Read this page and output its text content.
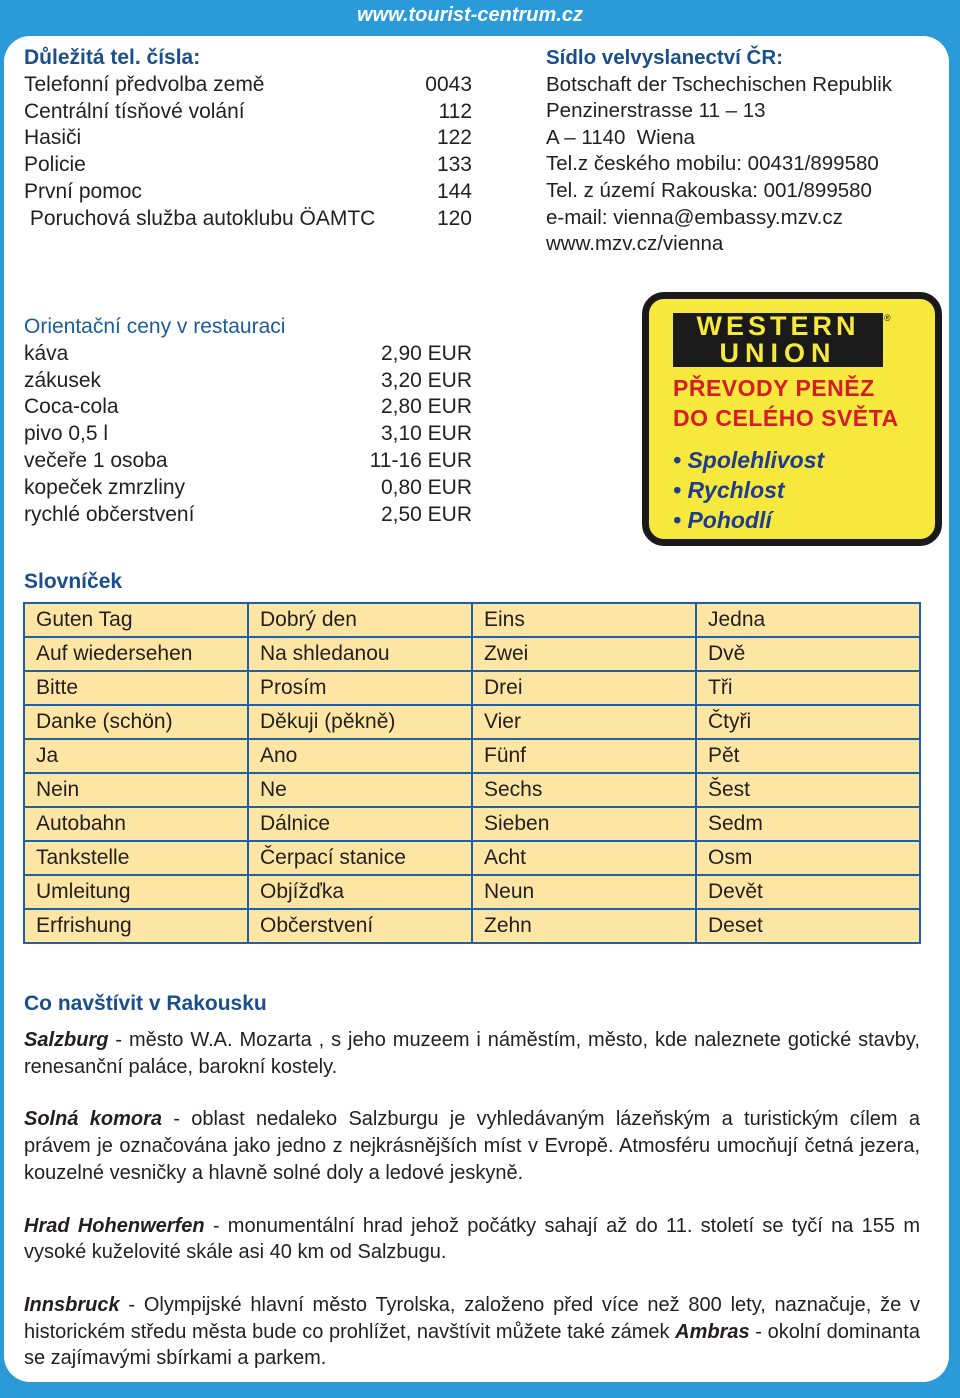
www.tourist-centrum.cz
Důležitá tel. čísla:
Telefonní předvolba země	0043
Centrální tísňové volání	112
Hasiči	122
Policie	133
První pomoc	144
Poruchová služba autoklubu ÖAMTC	120
Sídlo velvyslanectví ČR:
Botschaft der Tschechischen Republik
Penzinerstrasse 11 – 13
A – 1140  Wiena
Tel.z českého mobilu: 00431/899580
Tel. z území Rakouska: 001/899580
e-mail: vienna@embassy.mzv.cz
www.mzv.cz/vienna
Orientační ceny v restauraci
káva	2,90 EUR
zákusek	3,20 EUR
Coca-cola	2,80 EUR
pivo 0,5 l	3,10 EUR
večeře 1 osoba	11-16 EUR
kopeček zmrzliny	0,80 EUR
rychlé občerstvení	2,50 EUR
WESTERN
UNION
®
PŘEVODY PENĚZ
DO CELÉHO SVĚTA
• Spolehlivost
• Rychlost
• Pohodlí
Slovníček
Guten Tag	Dobrý den	Eins	Jedna
Auf wiedersehen	Na shledanou	Zwei	Dvě
Bitte	Prosím	Drei	Tři
Danke (schön)	Děkuji (pěkně)	Vier	Čtyři
Ja	Ano	Fünf	Pět
Nein	Ne	Sechs	Šest
Autobahn	Dálnice	Sieben	Sedm
Tankstelle	Čerpací stanice	Acht	Osm
Umleitung	Objížďka	Neun	Devět
Erfrishung	Občerstvení	Zehn	Deset
Co navštívit v Rakousku

Salzburg - město W.A. Mozarta , s jeho muzeem i náměstím, město, kde naleznete gotické stavby, renesanční paláce, barokní kostely.

Solná komora - oblast nedaleko Salzburgu je vyhledávaným lázeňským a turistickým cílem a právem je označována jako jedno z nejkrásnějších míst v Evropě. Atmosféru umocňují četná jezera, kouzelné vesničky a hlavně solné doly a ledové jeskyně.

Hrad Hohenwerfen - monumentální hrad jehož počátky sahají až do 11. století se tyčí na 155 m vysoké kuželovité skále asi 40 km od Salzbugu.

Innsbruck - Olympijské hlavní město Tyrolska, založeno před více než 800 lety, naznačuje, že v historickém středu města bude co prohlížet, navštívit můžete také zámek Ambras - okolní dominanta se zajímavými sbírkami a parkem.
